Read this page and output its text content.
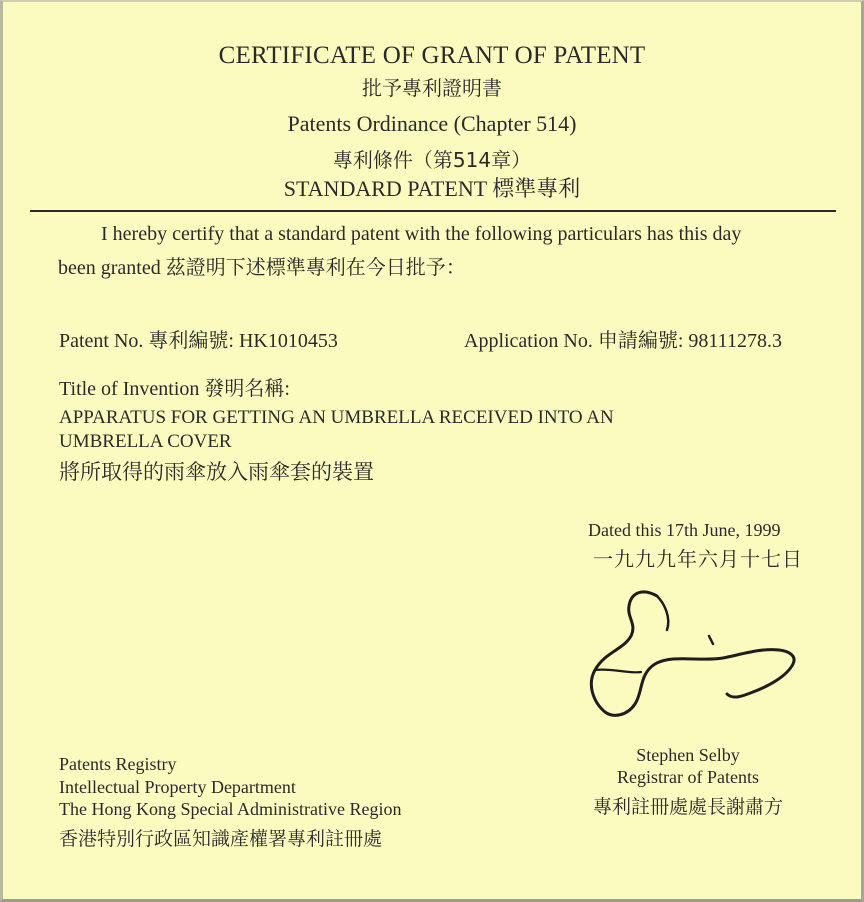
CERTIFICATE OF GRANT OF PATENT
批予專利證明書
Patents Ordinance (Chapter 514)
專利條件（第514章）
STANDARD PATENT 標準專利
I hereby certify that a standard patent with the following particulars has this day
been granted 茲證明下述標準專利在今日批予：
Patent No. 專利編號: HK1010453	Application No. 申請編號: 98111278.3
Title of Invention 發明名稱:
APPARATUS FOR GETTING AN UMBRELLA RECEIVED INTO AN
UMBRELLA COVER
將所取得的雨傘放入雨傘套的裝置
Dated this 17th June, 1999
一九九九年六月十七日
Stephen Selby
Registrar of Patents
專利註冊處處長謝肅方
Patents Registry
Intellectual Property Department
The Hong Kong Special Administrative Region
香港特別行政區知識產權署專利註冊處
